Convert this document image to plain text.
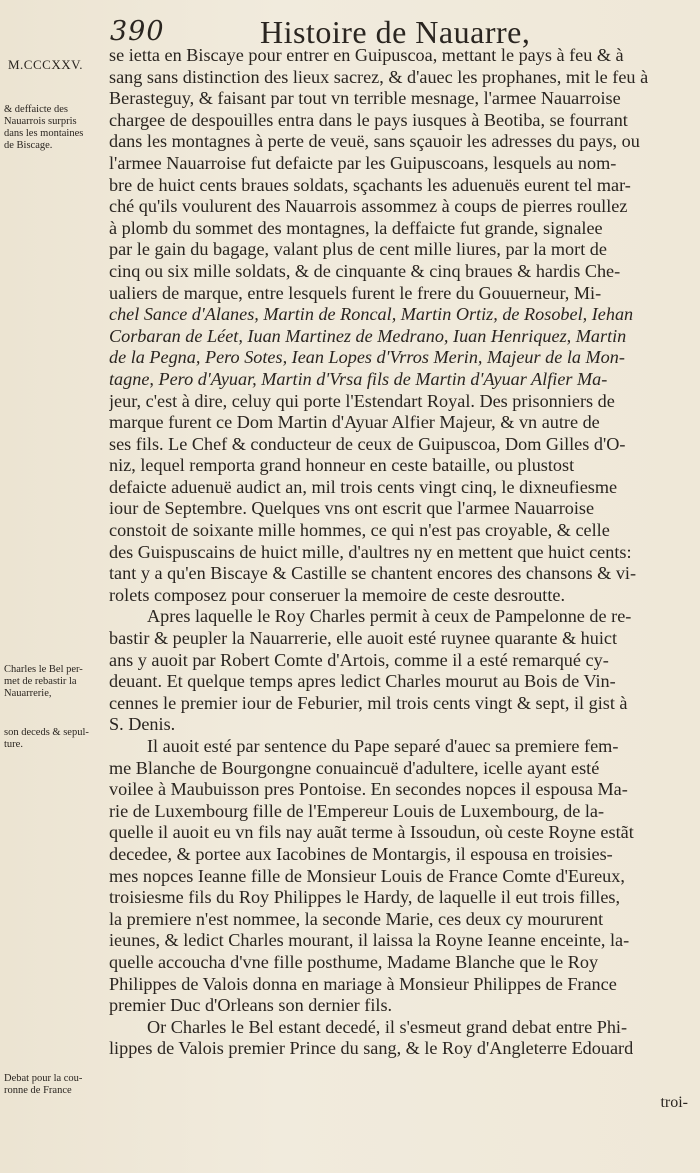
390	Histoire de Nauarre,
M.CCCXXV.
& deffaicte des
Nauarrois surpris
dans les montaines
de Biscage.
Charles le Bel per-
met de rebastir la
Nauarrerie,
son deceds & sepul-
ture.
Debat pour la cou-
ronne de France
se ietta en Biscaye pour entrer en Guipuscoa, mettant le pays à feu & à
sang sans distinction des lieux sacrez, & d'auec les prophanes, mit le feu à
Berasteguy, & faisant par tout vn terrible mesnage, l'armee Nauarroise
chargee de despouilles entra dans le pays iusques à Beotiba, se fourrant
dans les montagnes à perte de veuë, sans sçauoir les adresses du pays, ou
l'armee Nauarroise fut defaicte par les Guipuscoans, lesquels au nom-
bre de huict cents braues soldats, sçachants les aduenuës eurent tel mar-
ché qu'ils voulurent des Nauarrois assommez à coups de pierres roullez
à plomb du sommet des montagnes, la deffaicte fut grande, signalee
par le gain du bagage, valant plus de cent mille liures, par la mort de
cinq ou six mille soldats, & de cinquante & cinq braues & hardis Che-
ualiers de marque, entre lesquels furent le frere du Gouuerneur, Mi-
chel Sance d'Alanes, Martin de Roncal, Martin Ortiz, de Rosobel, Iehan
Corbaran de Léet, Iuan Martinez de Medrano, Iuan Henriquez, Martin
de la Pegna, Pero Sotes, Iean Lopes d'Vrros Merin, Majeur de la Mon-
tagne, Pero d'Ayuar, Martin d'Vrsa fils de Martin d'Ayuar Alfier Ma-
jeur, c'est à dire, celuy qui porte l'Estendart Royal. Des prisonniers de
marque furent ce Dom Martin d'Ayuar Alfier Majeur, & vn autre de
ses fils. Le Chef & conducteur de ceux de Guipuscoa, Dom Gilles d'O-
niz, lequel remporta grand honneur en ceste bataille, ou plustost
defaicte aduenuë audict an, mil trois cents vingt cinq, le dixneufiesme
iour de Septembre. Quelques vns ont escrit que l'armee Nauarroise
constoit de soixante mille hommes, ce qui n'est pas croyable, & celle
des Guispuscains de huict mille, d'aultres ny en mettent que huict cents:
tant y a qu'en Biscaye & Castille se chantent encores des chansons & vi-
rolets composez pour conseruer la memoire de ceste desroutte.
Apres laquelle le Roy Charles permit à ceux de Pampelonne de re-
bastir & peupler la Nauarrerie, elle auoit esté ruynee quarante & huict
ans y auoit par Robert Comte d'Artois, comme il a esté remarqué cy-
deuant. Et quelque temps apres ledict Charles mourut au Bois de Vin-
cennes le premier iour de Feburier, mil trois cents vingt & sept, il gist à
S. Denis.
Il auoit esté par sentence du Pape separé d'auec sa premiere fem-
me Blanche de Bourgongne conuaincuë d'adultere, icelle ayant esté
voilee à Maubuisson pres Pontoise. En secondes nopces il espousa Ma-
rie de Luxembourg fille de l'Empereur Louis de Luxembourg, de la-
quelle il auoit eu vn fils nay auãt terme à Issoudun, où ceste Royne estãt
decedee, & portee aux Iacobines de Montargis, il espousa en troisies-
mes nopces Ieanne fille de Monsieur Louis de France Comte d'Eureux,
troisiesme fils du Roy Philippes le Hardy, de laquelle il eut trois filles,
la premiere n'est nommee, la seconde Marie, ces deux cy moururent
ieunes, & ledict Charles mourant, il laissa la Royne Ieanne enceinte, la-
quelle accoucha d'vne fille posthume, Madame Blanche que le Roy
Philippes de Valois donna en mariage à Monsieur Philippes de France
premier Duc d'Orleans son dernier fils.
Or Charles le Bel estant decedé, il s'esmeut grand debat entre Phi-
lippes de Valois premier Prince du sang, & le Roy d'Angleterre Edouard
troi-
